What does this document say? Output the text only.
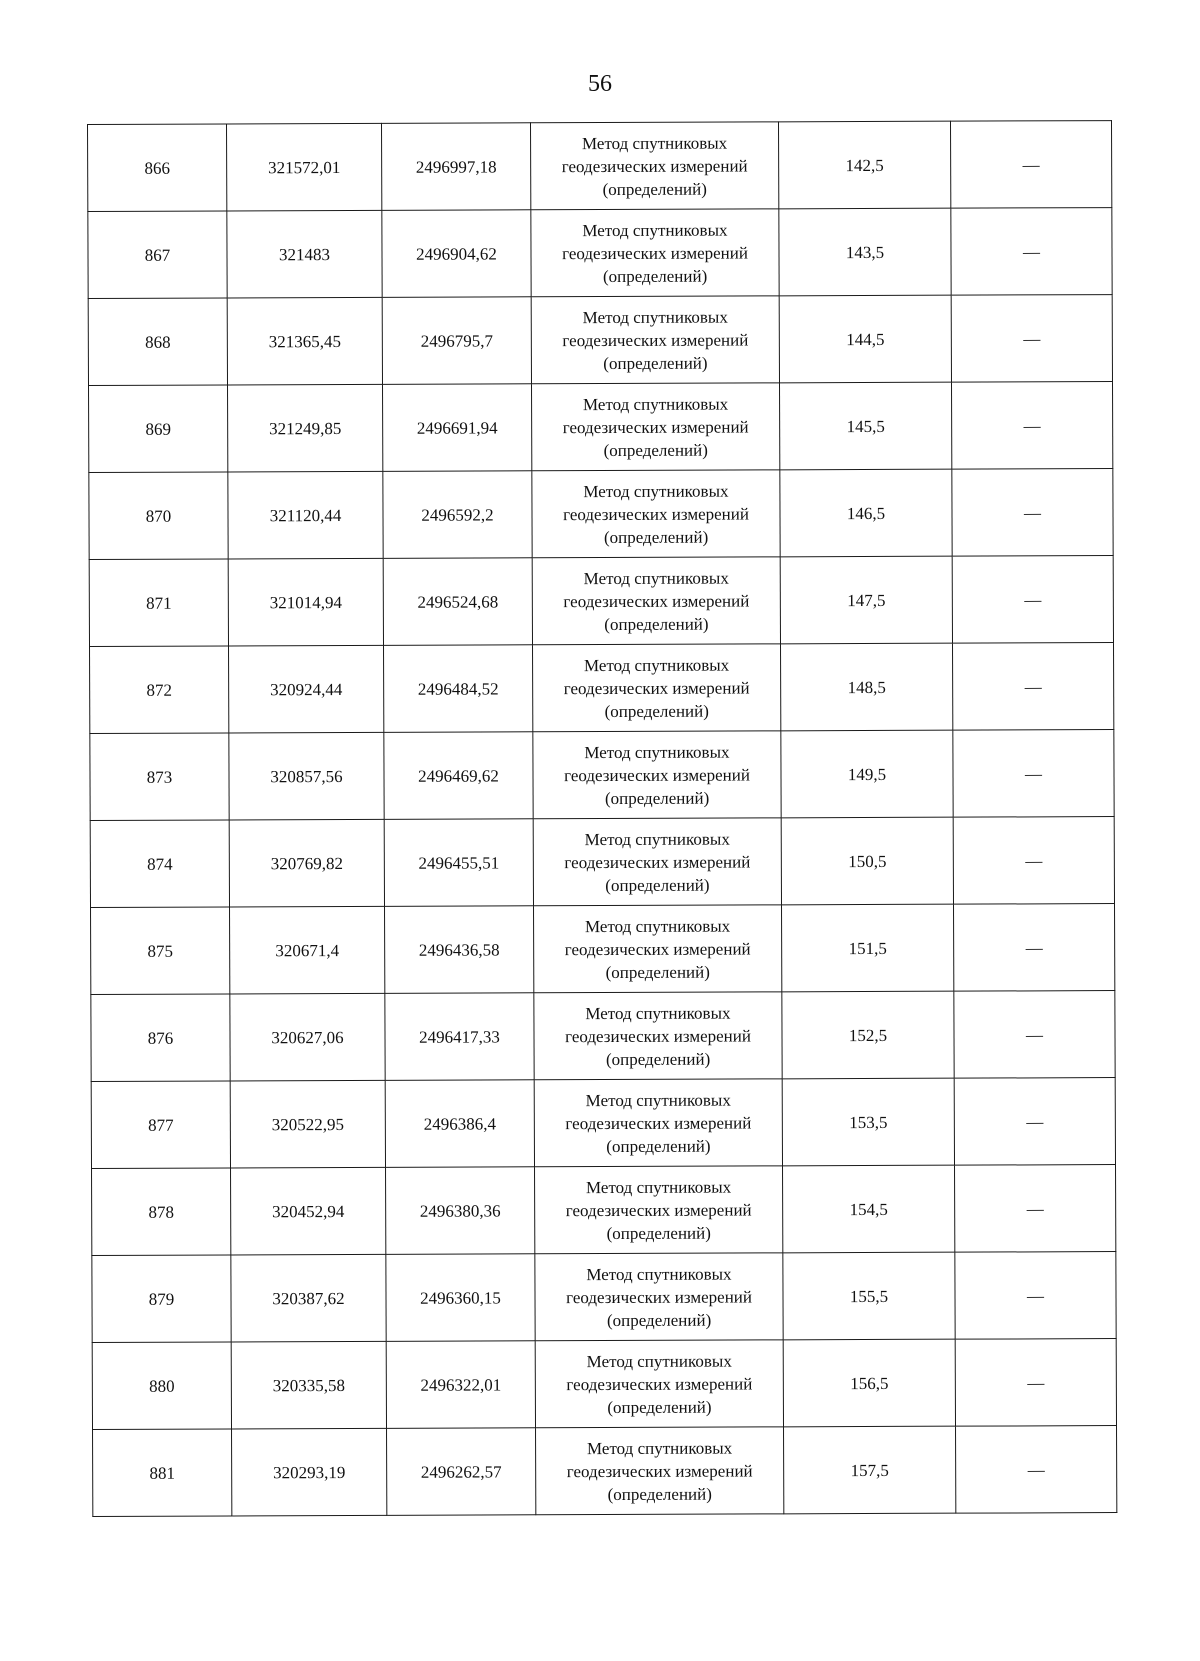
56
866	321572,01	2496997,18	Метод спутниковых геодезических измерений (определений)	142,5	—
867	321483	2496904,62	Метод спутниковых геодезических измерений (определений)	143,5	—
868	321365,45	2496795,7	Метод спутниковых геодезических измерений (определений)	144,5	—
869	321249,85	2496691,94	Метод спутниковых геодезических измерений (определений)	145,5	—
870	321120,44	2496592,2	Метод спутниковых геодезических измерений (определений)	146,5	—
871	321014,94	2496524,68	Метод спутниковых геодезических измерений (определений)	147,5	—
872	320924,44	2496484,52	Метод спутниковых геодезических измерений (определений)	148,5	—
873	320857,56	2496469,62	Метод спутниковых геодезических измерений (определений)	149,5	—
874	320769,82	2496455,51	Метод спутниковых геодезических измерений (определений)	150,5	—
875	320671,4	2496436,58	Метод спутниковых геодезических измерений (определений)	151,5	—
876	320627,06	2496417,33	Метод спутниковых геодезических измерений (определений)	152,5	—
877	320522,95	2496386,4	Метод спутниковых геодезических измерений (определений)	153,5	—
878	320452,94	2496380,36	Метод спутниковых геодезических измерений (определений)	154,5	—
879	320387,62	2496360,15	Метод спутниковых геодезических измерений (определений)	155,5	—
880	320335,58	2496322,01	Метод спутниковых геодезических измерений (определений)	156,5	—
881	320293,19	2496262,57	Метод спутниковых геодезических измерений (определений)	157,5	—
